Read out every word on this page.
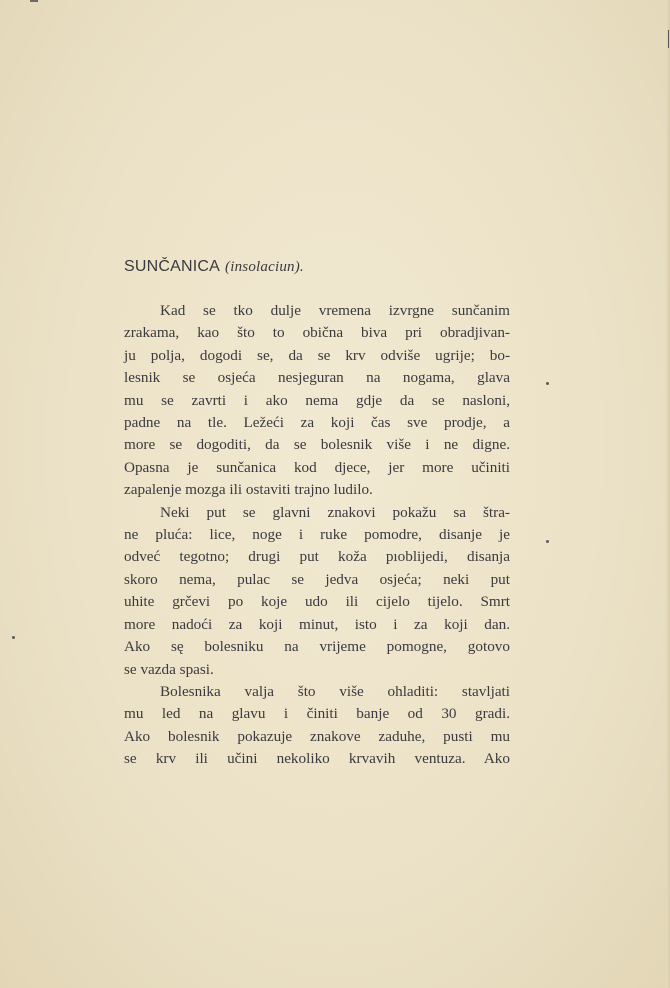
SUNČANICA (insolaciun).
Kad se tko dulje vremena izvrgne sunčanim
zrakama, kao što to obična biva pri obradjivan-
ju polja, dogodi se, da se krv odviše ugrije; bo-
lesnik se osjeća nesjeguran na nogama, glava
mu se zavrti i ako nema gdje da se nasloni,
padne na tle. Ležeći za koji čas sve prodje, a
more se dogoditi, da se bolesnik više i ne digne.
Opasna je sunčanica kod djece, jer more učiniti
zapalenje mozga ili ostaviti trajno ludilo.
Neki put se glavni znakovi pokažu sa štra-
ne pluća: lice, noge i ruke pomodre, disanje je
odveć tegotno; drugi put koža pıoblijedi, disanja
skoro nema, pulac se jedva osjeća; neki put
uhite grčevi po koje udo ili cijelo tijelo. Smrt
more nadoći za koji minut, isto i za koji dan.
Ako sę bolesniku na vrijeme pomogne, gotovo
se vazda spasi.
Bolesnika valja što više ohladiti: stavljati
mu led na glavu i činiti banje od 30 gradi.
Ako bolesnik pokazuje znakove zaduhe, pusti mu
se krv ili učini nekoliko krvavih ventuza. Ako
